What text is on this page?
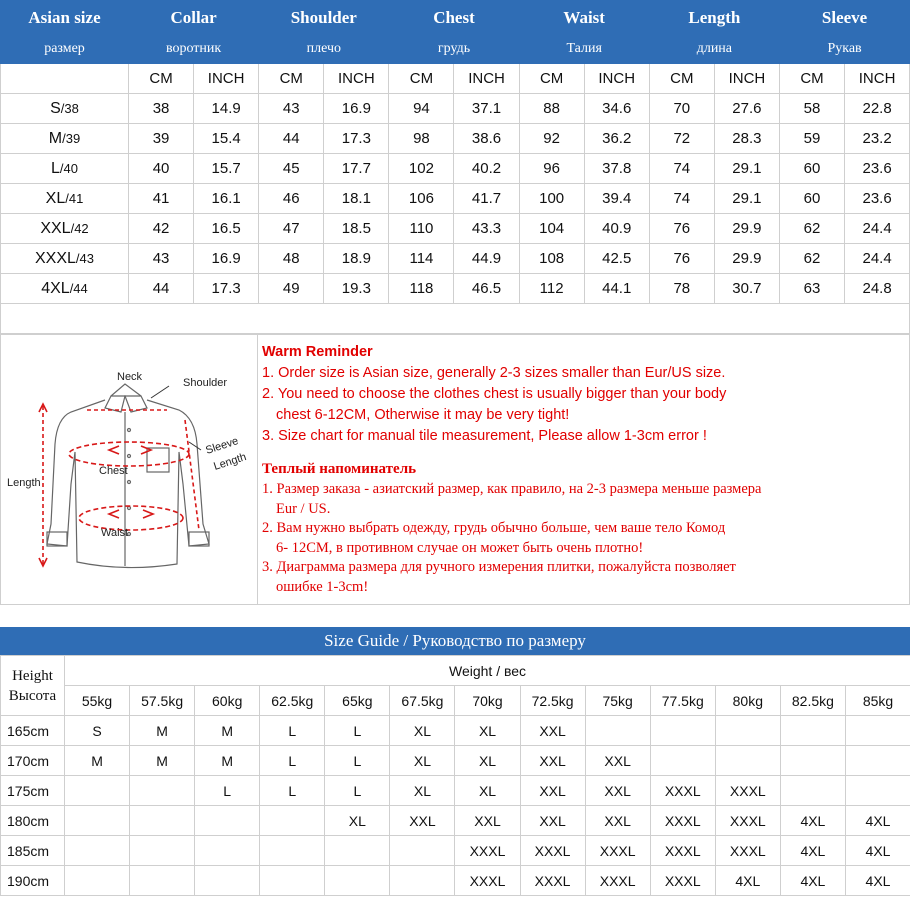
Asian size	Collar		Shoulder		Chest		Waist		Length		Sleeve	
размер	воротник		плечо		грудь		Талия		длина		Рукав	
	CM	INCH	CM	INCH	CM	INCH	CM	INCH	CM	INCH	CM	INCH
S/38	38	14.9	43	16.9	94	37.1	88	34.6	70	27.6	58	22.8
M/39	39	15.4	44	17.3	98	38.6	92	36.2	72	28.3	59	23.2
L/40	40	15.7	45	17.7	102	40.2	96	37.8	74	29.1	60	23.6
XL/41	41	16.1	46	18.1	106	41.7	100	39.4	74	29.1	60	23.6
XXL/42	42	16.5	47	18.5	110	43.3	104	40.9	76	29.9	62	24.4
XXXL/43	43	16.9	48	18.9	114	44.9	108	42.5	76	29.9	62	24.4
4XL/44	44	17.3	49	19.3	118	46.5	112	44.1	78	30.7	63	24.8

Neck	Shoulder
Sleeve
Length
Chest
Length
Waist
Warm Reminder
1. Order size is Asian size, generally 2-3 sizes smaller than Eur/US size.
2. You need to choose the clothes chest is usually bigger than your body
chest 6-12CM, Otherwise it may be very tight!
3. Size chart for manual tile measurement, Please allow 1-3cm error !
Теплый напоминатель
1. Размер заказа - азиатский размер, как правило, на 2-3 размера меньше размера
Eur / US.
2. Вам нужно выбрать одежду, грудь обычно больше, чем ваше тело Комод
6- 12CM, в противном случае он может быть очень плотно!
3. Диаграмма размера для ручного измерения плитки, пожалуйста позволяет
ошибке 1-3cm!
Size Guide / Руководство по размеру
Height
Высота	Weight / вес												
	55kg	57.5kg	60kg	62.5kg	65kg	67.5kg	70kg	72.5kg	75kg	77.5kg	80kg	82.5kg	85kg
165cm	S	M	M	L	L	XL	XL	XXL					
170cm	M	M	M	L	L	XL	XL	XXL	XXL				
175cm			L	L	L	XL	XL	XXL	XXL	XXXL	XXXL		
180cm					XL	XXL	XXL	XXL	XXL	XXXL	XXXL	4XL	4XL
185cm							XXXL	XXXL	XXXL	XXXL	XXXL	4XL	4XL
190cm							XXXL	XXXL	XXXL	XXXL	4XL	4XL	4XL
